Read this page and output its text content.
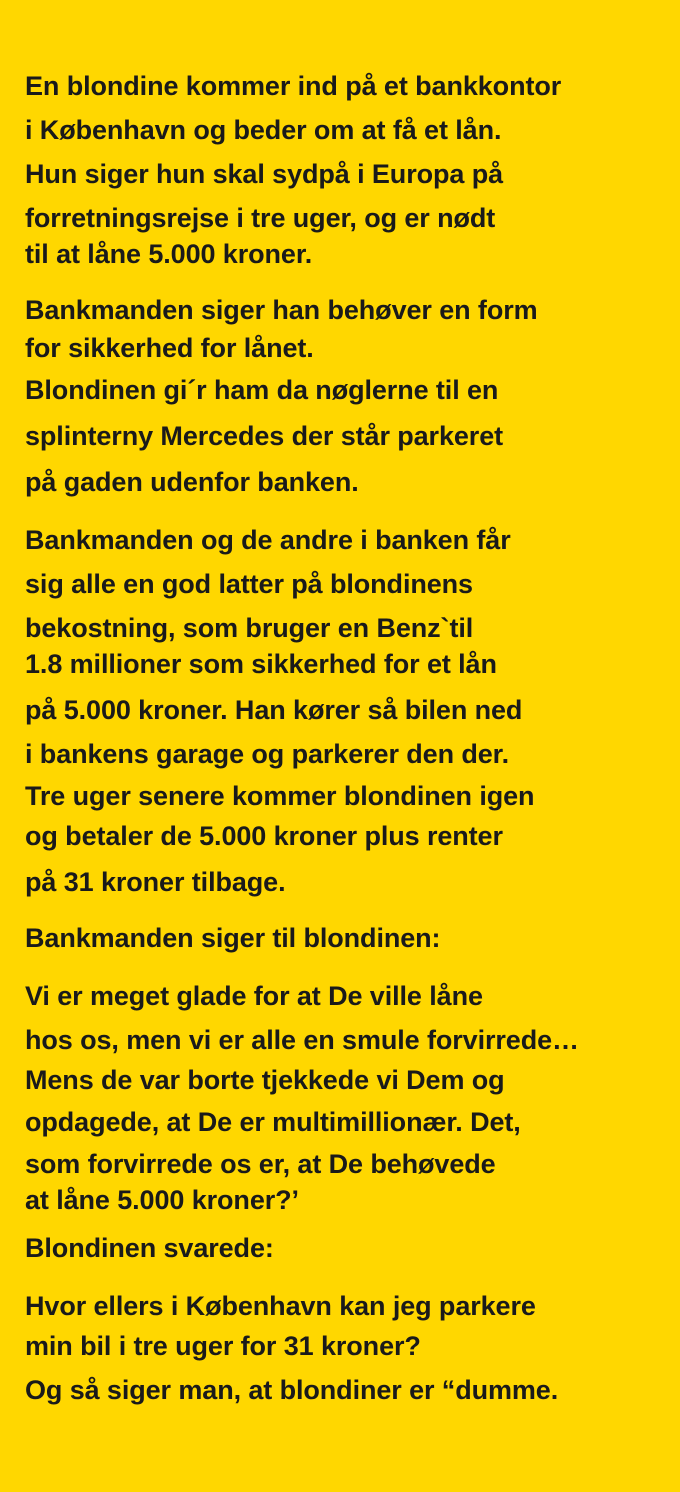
En blondine kommer ind på et bankkontor
i København og beder om at få et lån.
Hun siger hun skal sydpå i Europa på
forretningsrejse i tre uger, og er nødt
til at låne 5.000 kroner.
Bankmanden siger han behøver en form
for sikkerhed for lånet.
Blondinen gi´r ham da nøglerne til en
splinterny Mercedes der står parkeret
på gaden udenfor banken.
Bankmanden og de andre i banken får
sig alle en god latter på blondinens
bekostning, som bruger en Benz`til
1.8 millioner som sikkerhed for et lån
på 5.000 kroner. Han kører så bilen ned
i bankens garage og parkerer den der.
Tre uger senere kommer blondinen igen
og betaler de 5.000 kroner plus renter
på 31 kroner tilbage.
Bankmanden siger til blondinen:
Vi er meget glade for at De ville låne
hos os, men vi er alle en smule forvirrede…
Mens de var borte tjekkede vi Dem og
opdagede, at De er multimillionær. Det,
som forvirrede os er, at De behøvede
at låne 5.000 kroner?’
Blondinen svarede:
Hvor ellers i København kan jeg parkere
min bil i tre uger for 31 kroner?
Og så siger man, at blondiner er “dumme.
